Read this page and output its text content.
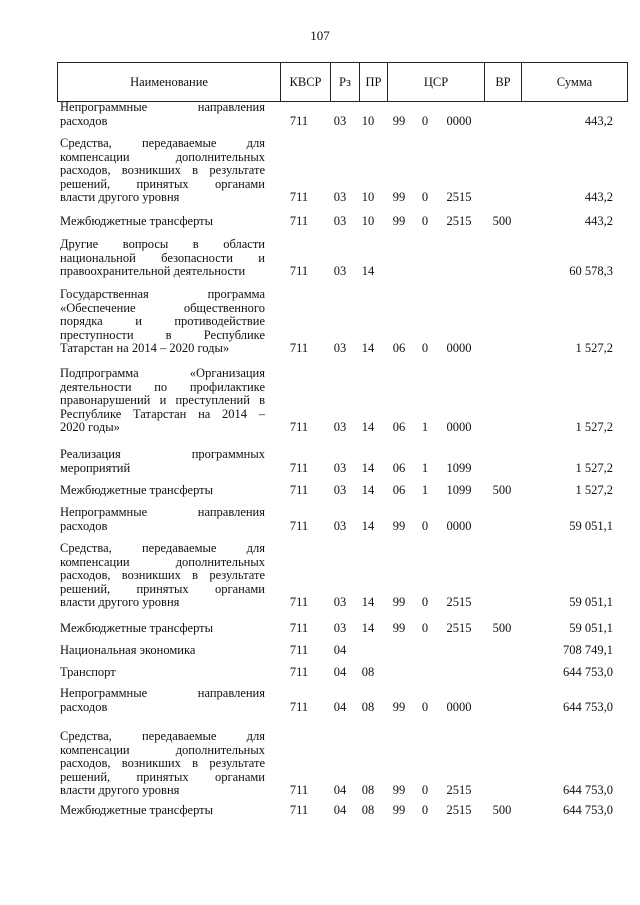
107
Наименование	КВСР	Рз	ПР	ЦСР	ВР	Сумма
Непрограммные направления
расходов	711 03 10 99 0 0000	443,2
Средства, передаваемые для
компенсации дополнительных
расходов, возникших в результате
решений, принятых органами
власти другого уровня	711 03 10 99 0 2515	443,2
Межбюджетные трансферты	711 03 10 99 0 2515 500	443,2
Другие вопросы в области
национальной безопасности и
правоохранительной деятельности	711 03 14	60 578,3
Государственная программа
«Обеспечение общественного
порядка и противодействие
преступности в Республике
Татарстан на 2014 – 2020 годы»	711 03 14 06 0 0000	1 527,2
Подпрограмма «Организация
деятельности по профилактике
правонарушений и преступлений в
Республике Татарстан на 2014 –
2020 годы»	711 03 14 06 1 0000	1 527,2
Реализация программных
мероприятий	711 03 14 06 1 1099	1 527,2
Межбюджетные трансферты	711 03 14 06 1 1099 500	1 527,2
Непрограммные направления
расходов	711 03 14 99 0 0000	59 051,1
Средства, передаваемые для
компенсации дополнительных
расходов, возникших в результате
решений, принятых органами
власти другого уровня	711 03 14 99 0 2515	59 051,1
Межбюджетные трансферты	711 03 14 99 0 2515 500	59 051,1
Национальная экономика	711 04	708 749,1
Транспорт	711 04 08	644 753,0
Непрограммные направления
расходов	711 04 08 99 0 0000	644 753,0
Средства, передаваемые для
компенсации дополнительных
расходов, возникших в результате
решений, принятых органами
власти другого уровня	711 04 08 99 0 2515	644 753,0
Межбюджетные трансферты	711 04 08 99 0 2515 500	644 753,0
